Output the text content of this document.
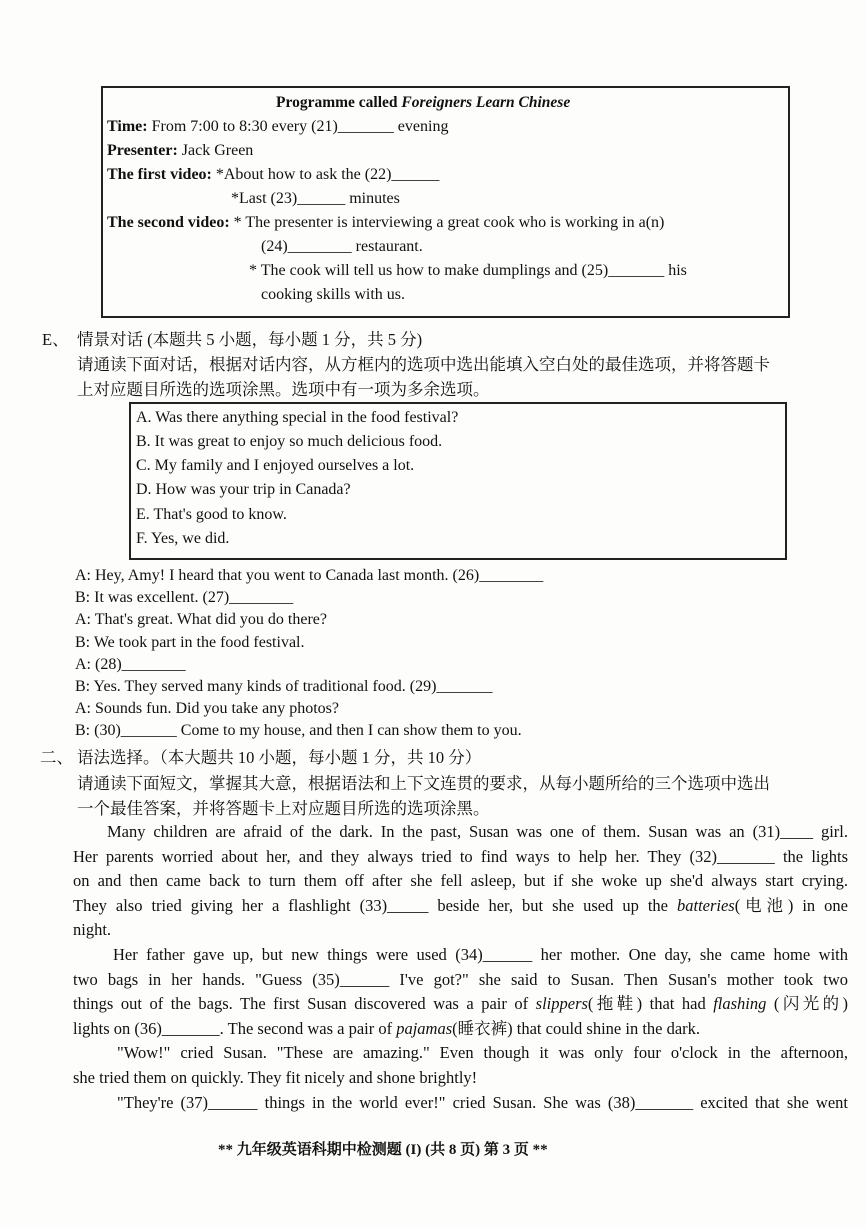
Programme called Foreigners Learn Chinese
Time: From 7:00 to 8:30 every (21)_______ evening
Presenter: Jack Green
The first video: *About how to ask the (22)______
*Last (23)______ minutes
The second video: * The presenter is interviewing a great cook who is working in a(n)
(24)________ restaurant.
* The cook will tell us how to make dumplings and (25)_______ his
cooking skills with us.
E、 情景对话 (本题共 5 小题，每小题 1 分，共 5 分)
请通读下面对话，根据对话内容，从方框内的选项中选出能填入空白处的最佳选项，并将答题卡
上对应题目所选的选项涂黑。选项中有一项为多余选项。
A. Was there anything special in the food festival?
B. It was great to enjoy so much delicious food.
C. My family and I enjoyed ourselves a lot.
D. How was your trip in Canada?
E. That's good to know.
F. Yes, we did.
A: Hey, Amy! I heard that you went to Canada last month. (26)________
B: It was excellent. (27)________
A: That's great. What did you do there?
B: We took part in the food festival.
A: (28)________
B: Yes. They served many kinds of traditional food. (29)_______
A: Sounds fun. Did you take any photos?
B: (30)_______ Come to my house, and then I can show them to you.
二、 语法选择。（本大题共 10 小题，每小题 1 分，共 10 分）
请通读下面短文，掌握其大意，根据语法和上下文连贯的要求，从每小题所给的三个选项中选出
一个最佳答案，并将答题卡上对应题目所选的选项涂黑。
Many children are afraid of the dark. In the past, Susan was one of them. Susan was an (31)____ girl.
Her parents worried about her, and they always tried to find ways to help her. They (32)_______ the lights
on and then came back to turn them off after she fell asleep, but if she woke up she'd always start crying.
They also tried giving her a flashlight (33)_____ beside her, but she used up the batteries(电池) in one
night.
Her father gave up, but new things were used (34)______ her mother. One day, she came home with
two bags in her hands. "Guess (35)______ I've got?" she said to Susan. Then Susan's mother took two
things out of the bags. The first Susan discovered was a pair of slippers(拖鞋) that had flashing (闪光的)
lights on (36)_______. The second was a pair of pajamas(睡衣裤) that could shine in the dark.
"Wow!" cried Susan. "These are amazing." Even though it was only four o'clock in the afternoon,
she tried them on quickly. They fit nicely and shone brightly!
"They're (37)______ things in the world ever!" cried Susan. She was (38)_______ excited that she went
** 九年级英语科期中检测题 (I) (共 8 页) 第 3 页 **
